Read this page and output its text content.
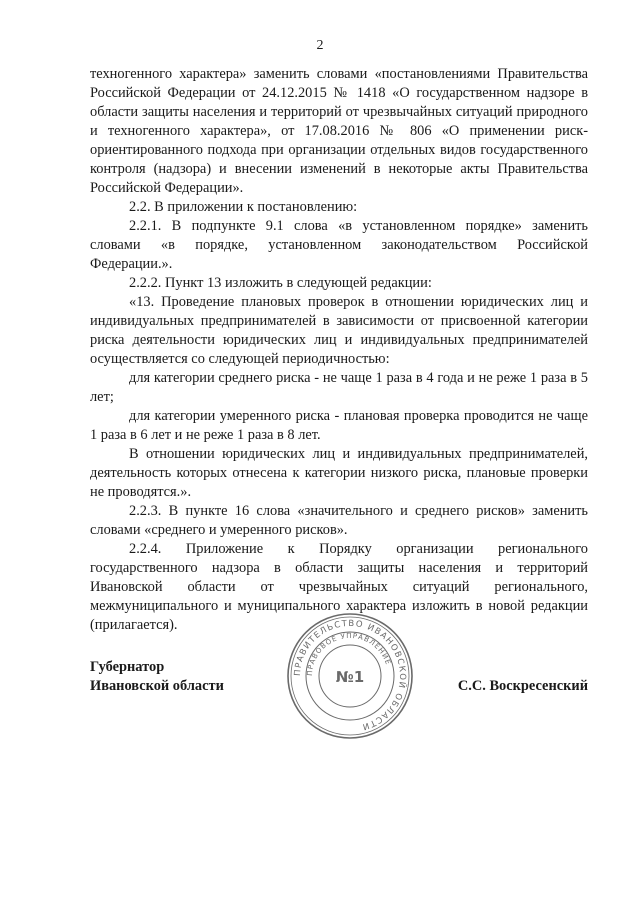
2

техногенного характера» заменить словами «постановлениями Правительства Российской Федерации от 24.12.2015 № 1418 «О государственном надзоре в области защиты населения и территорий от чрезвычайных ситуаций природного и техногенного характера», от 17.08.2016 № 806 «О применении риск-ориентированного подхода при организации отдельных видов государственного контроля (надзора) и внесении изменений в некоторые акты Правительства Российской Федерации».

2.2. В приложении к постановлению:

2.2.1. В подпункте 9.1 слова «в установленном порядке» заменить словами «в порядке, установленном законодательством Российской Федерации.».

2.2.2. Пункт 13 изложить в следующей редакции:

«13. Проведение плановых проверок в отношении юридических лиц и индивидуальных предпринимателей в зависимости от присвоенной категории риска деятельности юридических лиц и индивидуальных предпринимателей осуществляется со следующей периодичностью:

для категории среднего риска - не чаще 1 раза в 4 года и не реже 1 раза в 5 лет;

для категории умеренного риска - плановая проверка проводится не чаще 1 раза в 6 лет и не реже 1 раза в 8 лет.

В отношении юридических лиц и индивидуальных предпринимателей, деятельность которых отнесена к категории низкого риска, плановые проверки не проводятся.».

2.2.3. В пункте 16 слова «значительного и среднего рисков» заменить словами «среднего и умеренного рисков».

2.2.4. Приложение к Порядку организации регионального государственного надзора в области защиты населения и территорий Ивановской области от чрезвычайных ситуаций регионального, межмуниципального и муниципального характера изложить в новой редакции (прилагается).

ПРАВИТЕЛЬСТВО ИВАНОВСКОЙ ОБЛАСТИ
ПРАВОВОЕ УПРАВЛЕНИЕ
№1
Губернатор
Ивановской области	С.С. Воскресенский
